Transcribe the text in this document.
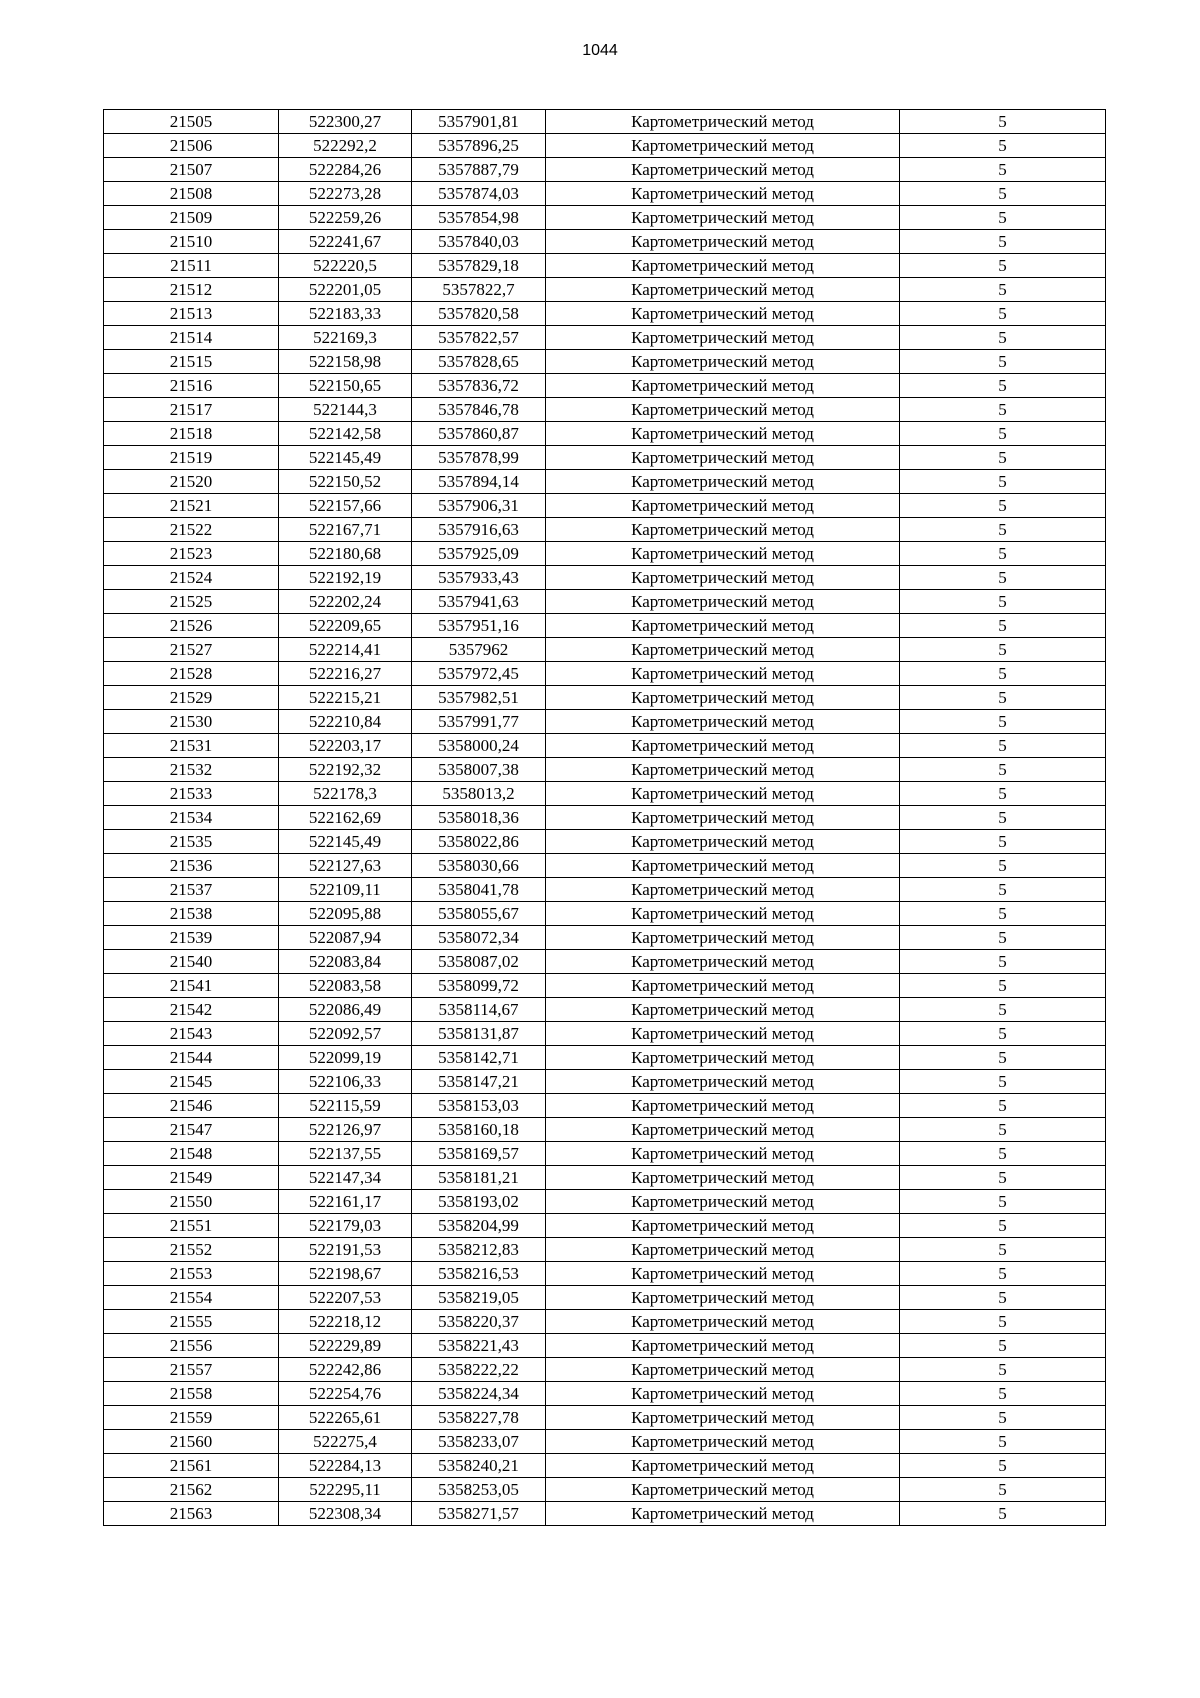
1044
21505	522300,27	5357901,81	Картометрический метод	5
21506	522292,2	5357896,25	Картометрический метод	5
21507	522284,26	5357887,79	Картометрический метод	5
21508	522273,28	5357874,03	Картометрический метод	5
21509	522259,26	5357854,98	Картометрический метод	5
21510	522241,67	5357840,03	Картометрический метод	5
21511	522220,5	5357829,18	Картометрический метод	5
21512	522201,05	5357822,7	Картометрический метод	5
21513	522183,33	5357820,58	Картометрический метод	5
21514	522169,3	5357822,57	Картометрический метод	5
21515	522158,98	5357828,65	Картометрический метод	5
21516	522150,65	5357836,72	Картометрический метод	5
21517	522144,3	5357846,78	Картометрический метод	5
21518	522142,58	5357860,87	Картометрический метод	5
21519	522145,49	5357878,99	Картометрический метод	5
21520	522150,52	5357894,14	Картометрический метод	5
21521	522157,66	5357906,31	Картометрический метод	5
21522	522167,71	5357916,63	Картометрический метод	5
21523	522180,68	5357925,09	Картометрический метод	5
21524	522192,19	5357933,43	Картометрический метод	5
21525	522202,24	5357941,63	Картометрический метод	5
21526	522209,65	5357951,16	Картометрический метод	5
21527	522214,41	5357962	Картометрический метод	5
21528	522216,27	5357972,45	Картометрический метод	5
21529	522215,21	5357982,51	Картометрический метод	5
21530	522210,84	5357991,77	Картометрический метод	5
21531	522203,17	5358000,24	Картометрический метод	5
21532	522192,32	5358007,38	Картометрический метод	5
21533	522178,3	5358013,2	Картометрический метод	5
21534	522162,69	5358018,36	Картометрический метод	5
21535	522145,49	5358022,86	Картометрический метод	5
21536	522127,63	5358030,66	Картометрический метод	5
21537	522109,11	5358041,78	Картометрический метод	5
21538	522095,88	5358055,67	Картометрический метод	5
21539	522087,94	5358072,34	Картометрический метод	5
21540	522083,84	5358087,02	Картометрический метод	5
21541	522083,58	5358099,72	Картометрический метод	5
21542	522086,49	5358114,67	Картометрический метод	5
21543	522092,57	5358131,87	Картометрический метод	5
21544	522099,19	5358142,71	Картометрический метод	5
21545	522106,33	5358147,21	Картометрический метод	5
21546	522115,59	5358153,03	Картометрический метод	5
21547	522126,97	5358160,18	Картометрический метод	5
21548	522137,55	5358169,57	Картометрический метод	5
21549	522147,34	5358181,21	Картометрический метод	5
21550	522161,17	5358193,02	Картометрический метод	5
21551	522179,03	5358204,99	Картометрический метод	5
21552	522191,53	5358212,83	Картометрический метод	5
21553	522198,67	5358216,53	Картометрический метод	5
21554	522207,53	5358219,05	Картометрический метод	5
21555	522218,12	5358220,37	Картометрический метод	5
21556	522229,89	5358221,43	Картометрический метод	5
21557	522242,86	5358222,22	Картометрический метод	5
21558	522254,76	5358224,34	Картометрический метод	5
21559	522265,61	5358227,78	Картометрический метод	5
21560	522275,4	5358233,07	Картометрический метод	5
21561	522284,13	5358240,21	Картометрический метод	5
21562	522295,11	5358253,05	Картометрический метод	5
21563	522308,34	5358271,57	Картометрический метод	5
